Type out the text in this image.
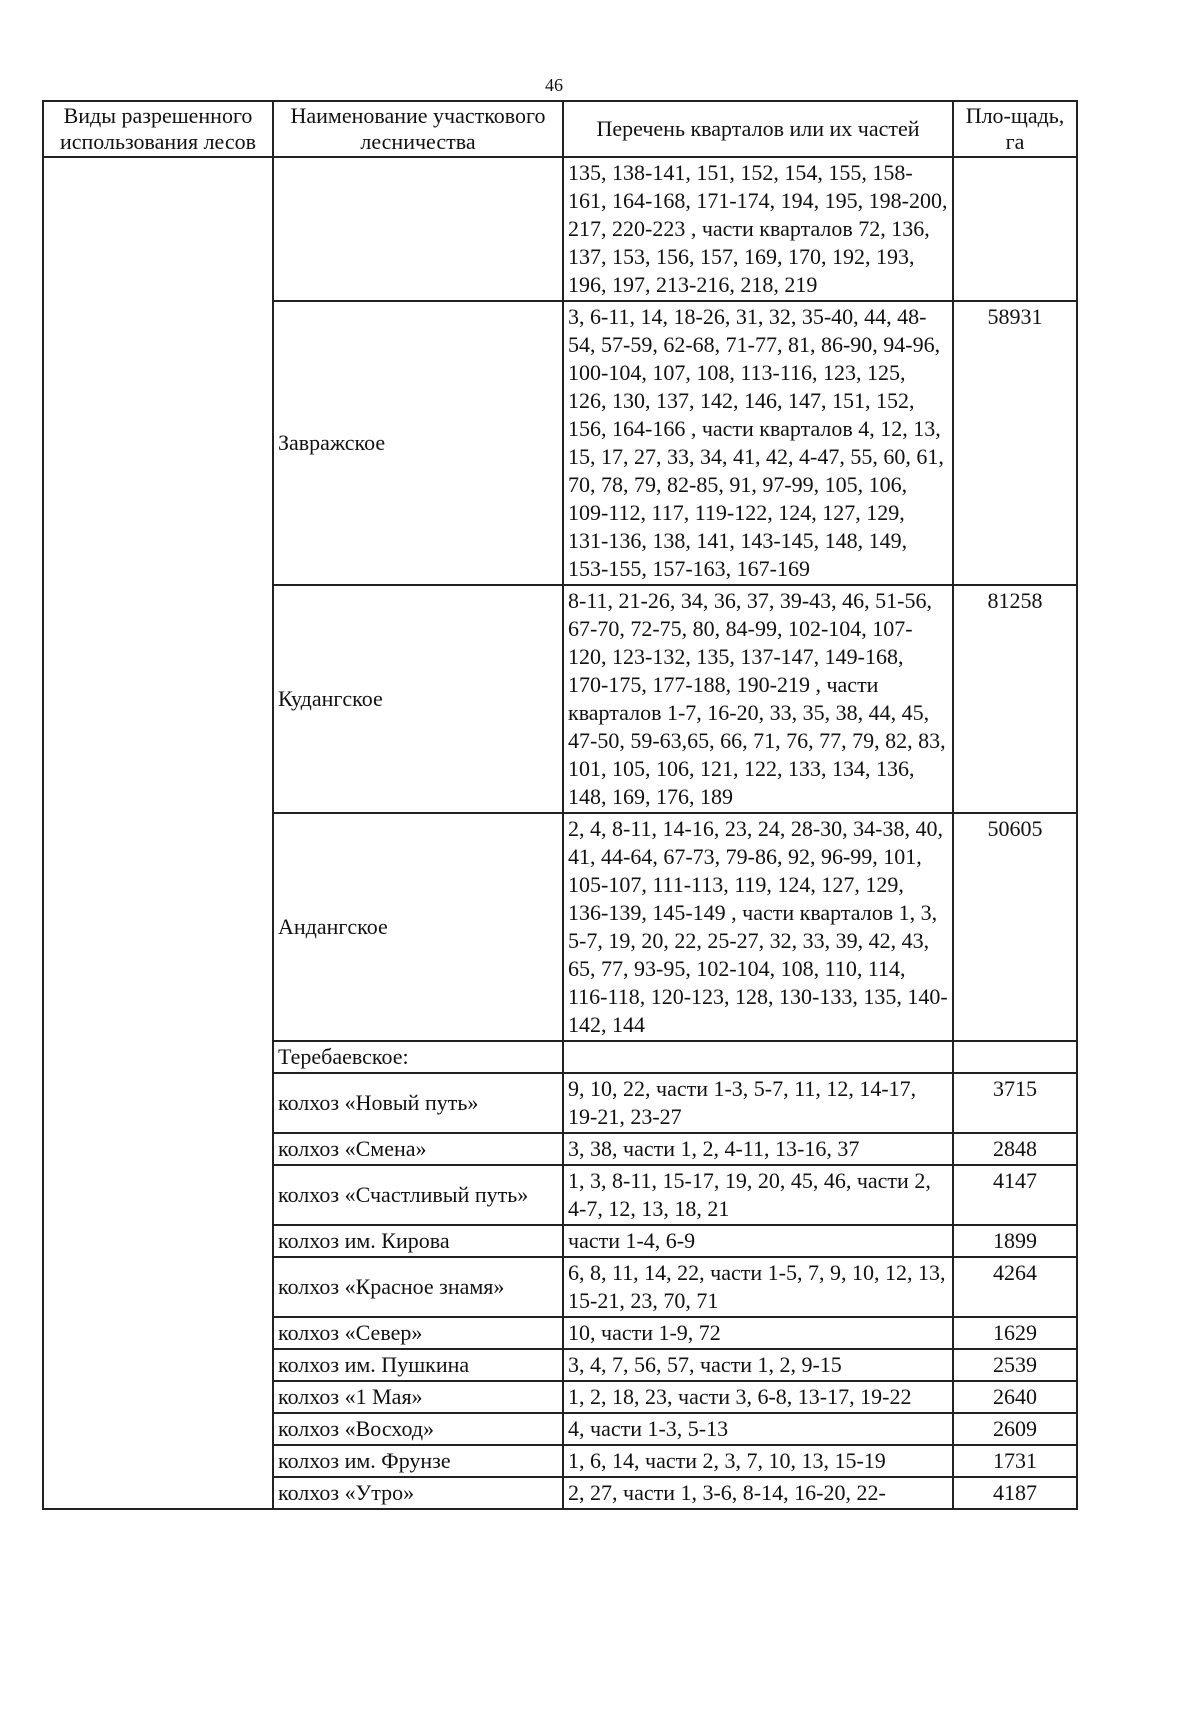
46
Виды разрешенного использования лесов	Наименование участкового лесничества	Перечень кварталов или их частей	Пло-щадь, га
		135, 138-141, 151, 152, 154, 155, 158-161, 164-168, 171-174, 194, 195, 198-200, 217, 220-223 , части кварталов 72, 136, 137, 153, 156, 157, 169, 170, 192, 193, 196, 197, 213-216, 218, 219	
	Завражское	3, 6-11, 14, 18-26, 31, 32, 35-40, 44, 48-54, 57-59, 62-68, 71-77, 81, 86-90, 94-96, 100-104, 107, 108, 113-116, 123, 125, 126, 130, 137, 142, 146, 147, 151, 152, 156, 164-166 , части кварталов 4, 12, 13, 15, 17, 27, 33, 34, 41, 42, 4-47, 55, 60, 61, 70, 78, 79, 82-85, 91, 97-99, 105, 106, 109-112, 117, 119-122, 124, 127, 129, 131-136, 138, 141, 143-145, 148, 149, 153-155, 157-163, 167-169	58931
	Кудангское	8-11, 21-26, 34, 36, 37, 39-43, 46, 51-56, 67-70, 72-75, 80, 84-99, 102-104, 107-120, 123-132, 135, 137-147, 149-168, 170-175, 177-188, 190-219 , части кварталов 1-7, 16-20, 33, 35, 38, 44, 45, 47-50, 59-63,65, 66, 71, 76, 77, 79, 82, 83, 101, 105, 106, 121, 122, 133, 134, 136, 148, 169, 176, 189	81258
	Андангское	2, 4, 8-11, 14-16, 23, 24, 28-30, 34-38, 40, 41, 44-64, 67-73, 79-86, 92, 96-99, 101, 105-107, 111-113, 119, 124, 127, 129, 136-139, 145-149 , части кварталов 1, 3, 5-7, 19, 20, 22, 25-27, 32, 33, 39, 42, 43, 65, 77, 93-95, 102-104, 108, 110, 114, 116-118, 120-123, 128, 130-133, 135, 140-142, 144	50605
	Теребаевское:		
	колхоз «Новый путь»	9, 10, 22, части 1-3, 5-7, 11, 12, 14-17, 19-21, 23-27	3715
	колхоз «Смена»	3, 38, части 1, 2, 4-11, 13-16, 37	2848
	колхоз «Счастливый путь»	1, 3, 8-11, 15-17, 19, 20, 45, 46, части 2, 4-7, 12, 13, 18, 21	4147
	колхоз им. Кирова	части 1-4, 6-9	1899
	колхоз «Красное знамя»	6, 8, 11, 14, 22, части 1-5, 7, 9, 10, 12, 13, 15-21, 23, 70, 71	4264
	колхоз «Север»	10, части 1-9, 72	1629
	колхоз им. Пушкина	3, 4, 7, 56, 57, части 1, 2, 9-15	2539
	колхоз «1 Мая»	1, 2, 18, 23, части 3, 6-8, 13-17, 19-22	2640
	колхоз «Восход»	4, части 1-3, 5-13	2609
	колхоз им. Фрунзе	1, 6, 14, части 2, 3, 7, 10, 13, 15-19	1731
	колхоз «Утро»	2, 27, части 1, 3-6, 8-14, 16-20, 22-	4187
